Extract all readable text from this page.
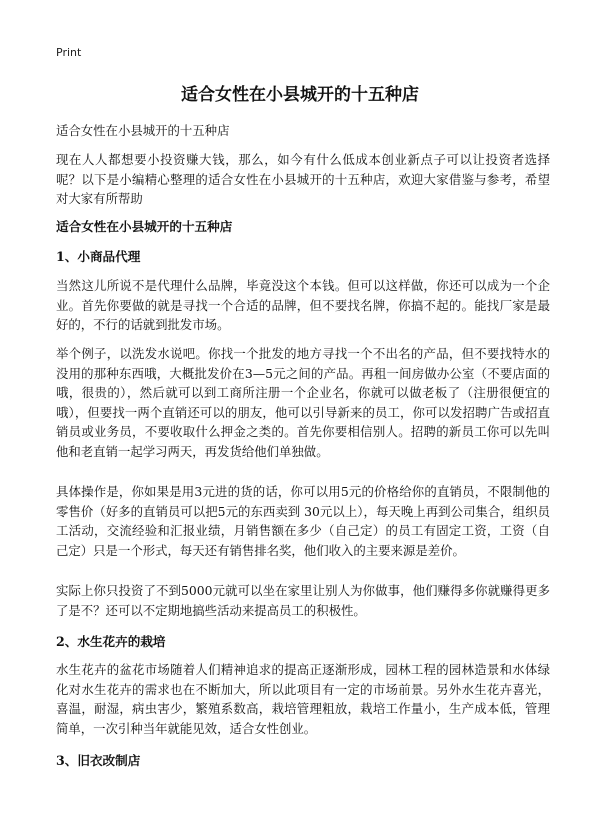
Print
适合女性在小县城开的十五种店
适合女性在小县城开的十五种店
现在人人都想要小投资赚大钱，那么，如今有什么低成本创业新点子可以让投资者选择呢？以下是小编精心整理的适合女性在小县城开的十五种店，欢迎大家借鉴与参考，希望对大家有所帮助
适合女性在小县城开的十五种店
1、小商品代理
当然这儿所说不是代理什么品牌，毕竟没这个本钱。但可以这样做，你还可以成为一个企业。首先你要做的就是寻找一个合适的品牌，但不要找名牌，你搞不起的。能找厂家是最好的，不行的话就到批发市场。
举个例子，以洗发水说吧。你找一个批发的地方寻找一个不出名的产品，但不要找特水的没用的那种东西哦，大概批发价在3—5元之间的产品。再租一间房做办公室（不要店面的哦，很贵的），然后就可以到工商所注册一个企业名，你就可以做老板了（注册很便宜的哦），但要找一两个直销还可以的朋友，他可以引导新来的员工，你可以发招聘广告或招直销员或业务员，不要收取什么押金之类的。首先你要相信别人。招聘的新员工你可以先叫他和老直销一起学习两天，再发货给他们单独做。
具体操作是，你如果是用3元进的货的话，你可以用5元的价格给你的直销员，不限制他的零售价（好多的直销员可以把5元的东西卖到 30元以上），每天晚上再到公司集合，组织员工活动，交流经验和汇报业绩，月销售额在多少（自己定）的员工有固定工资，工资（自己定）只是一个形式，每天还有销售排名奖，他们收入的主要来源是差价。
实际上你只投资了不到5000元就可以坐在家里让别人为你做事，他们赚得多你就赚得更多了是不？还可以不定期地搞些活动来提高员工的积极性。
2、水生花卉的栽培
水生花卉的盆花市场随着人们精神追求的提高正逐渐形成，园林工程的园林造景和水体绿化对水生花卉的需求也在不断加大，所以此项目有一定的市场前景。另外水生花卉喜光，喜温，耐湿，病虫害少，繁殖系数高，栽培管理粗放，栽培工作量小，生产成本低，管理简单，一次引种当年就能见效，适合女性创业。
3、旧衣改制店
